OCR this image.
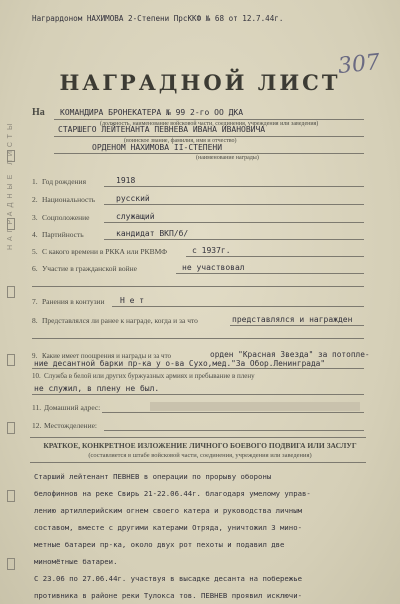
Награрдоном НАХИМОВА 2-Степени ПрсККФ № 68 от 12.7.44г.
307
НАГРАДНОЙ ЛИСТ
На КОМАНДИРА БРОНЕКАТЕРА № 99 2-го ОО ДКА
(должность, наименование войсковой части, соединения, учреждения или заведения)
СТАРШЕГО ЛЕЙТЕНАНТА ПЕВНЕВА ИВАНА ИВАНОВИЧА
(воинское звание, фамилия, имя и отчество)
ОРДЕНОМ НАХИМОВА II-СТЕПЕНИ
(наименование награды)
1. Год рождения	1918
2. Национальность	русский
3. Соцположение	служащий
4. Партийность	кандидат ВКП/б/
5. С какого времени в РККА или РКВМФ	с 1937г.
6. Участие в гражданской войне	не участвовал
7. Ранения в контузии Н е т
8. Представлялся ли ранее к награде, когда и за что	представлялся и награжден
9. Какие имеет поощрения и награды и за что	орден "Красная Звезда" за потопле-
ние десантной барки пр-ка у о-ва Сухо,мед."За Обор.Ленинграда"
10. Служба в белой или других буржуазных армиях и пребывание в плену
не служил, в плену не был.
11. Домашний адрес:
12. Местожделение:
КРАТКОЕ, КОНКРЕТНОЕ ИЗЛОЖЕНИЕ ЛИЧНОГО БОЕВОГО ПОДВИГА ИЛИ ЗАСЛУГ
(составляется в штабе войсковой части, соединения, учреждения или заведения)
Старший лейтенант ПЕВНЕВ в операции по прорыву обороны
белофиннов на реке Свирь 21-22.06.44г. благодаря умелому управ-
лению артиллерийским огнем своего катера и руководства личным
составом, вместе с другими катерами Отряда, уничтожил 3 мино-
метные батареи пр-ка, около двух рот пехоты и подавил две
миномётные батареи.
С 23.06 по 27.06.44г. участвуя в высадке десанта на побережье
противника в районе реки Тулокса тов. ПЕВНЕВ проявил исключи-
НАГРАДНЫЕ ЛИСТЫ
